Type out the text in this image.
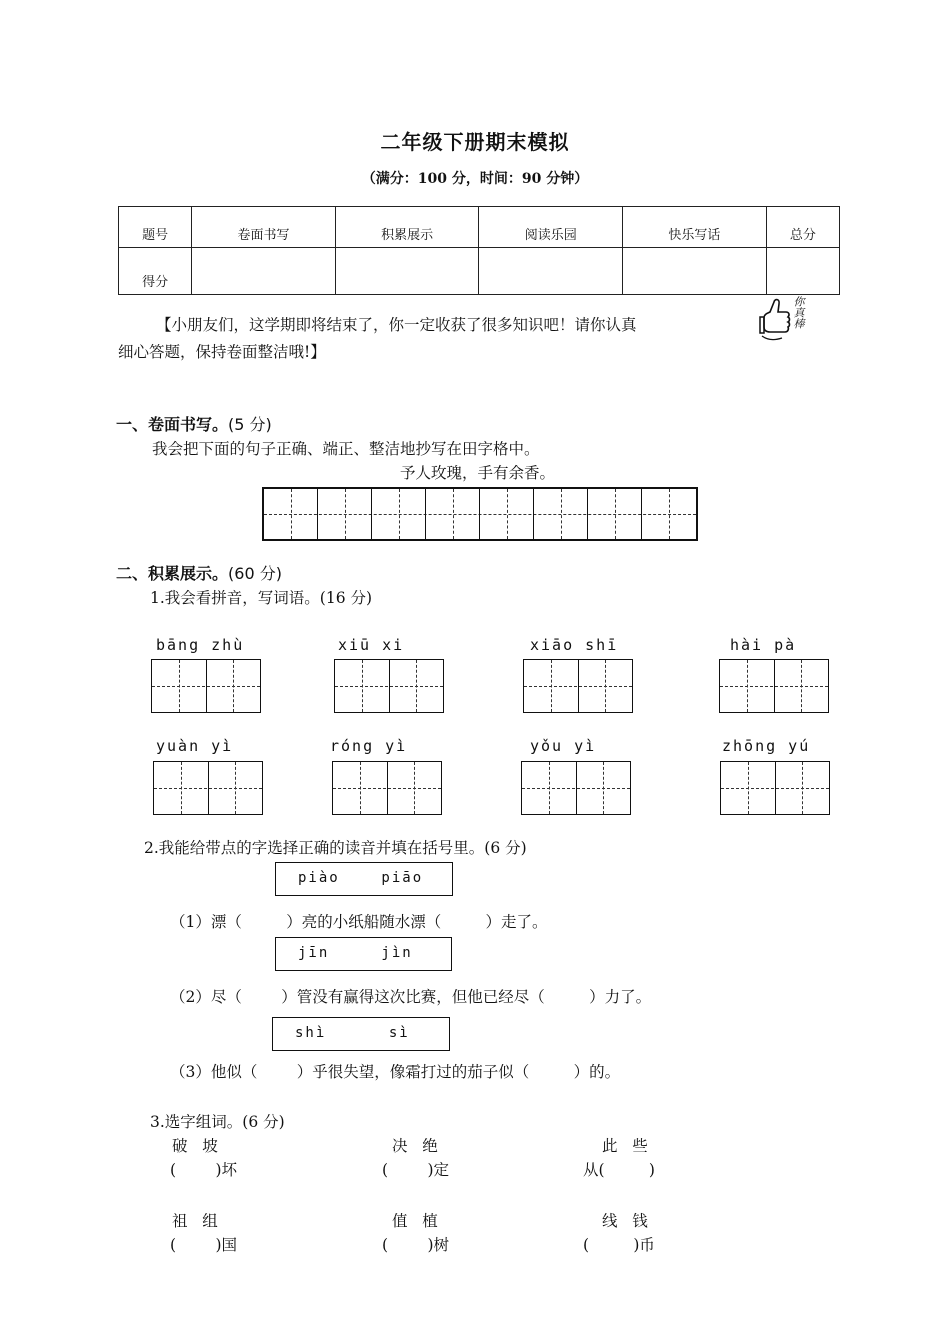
二年级下册期末模拟
（满分：100 分，时间：90 分钟）
题号	卷面书写	积累展示	阅读乐园	快乐写话	总分
得分					

【小朋友们，这学期即将结束了，你一定收获了很多知识吧！请你认真

细心答题，保持卷面整洁哦!】

你真棒
一、卷面书写。(5 分)
我会把下面的句子正确、端正、整洁地抄写在田字格中。
予人玫瑰，手有余香。
二、积累展示。(60 分)
1.我会看拼音，写词语。(16 分)
bāng zhù	xiū xi	xiāo shī	hài pà
yuàn yì	róng yì	yǒu yì	zhōng yú
2.我能给带点的字选择正确的读音并填在括号里。(6 分)
piào    piāo
（1）漂（         ）亮的小纸船随水漂（         ）走了。
jīn     jìn
（2）尽（        ）管没有赢得这次比赛，但他已经尽（         ）力了。
shì      sì
（3）他似（        ）乎很失望，像霜打过的茄子似（         ）的。
3.选字组词。(6 分)
破   坡
(        )坏
决   绝
(        )定
此   些
从(         )
祖   组
(        )国
值   植
(        )树
线   钱
(         )币
